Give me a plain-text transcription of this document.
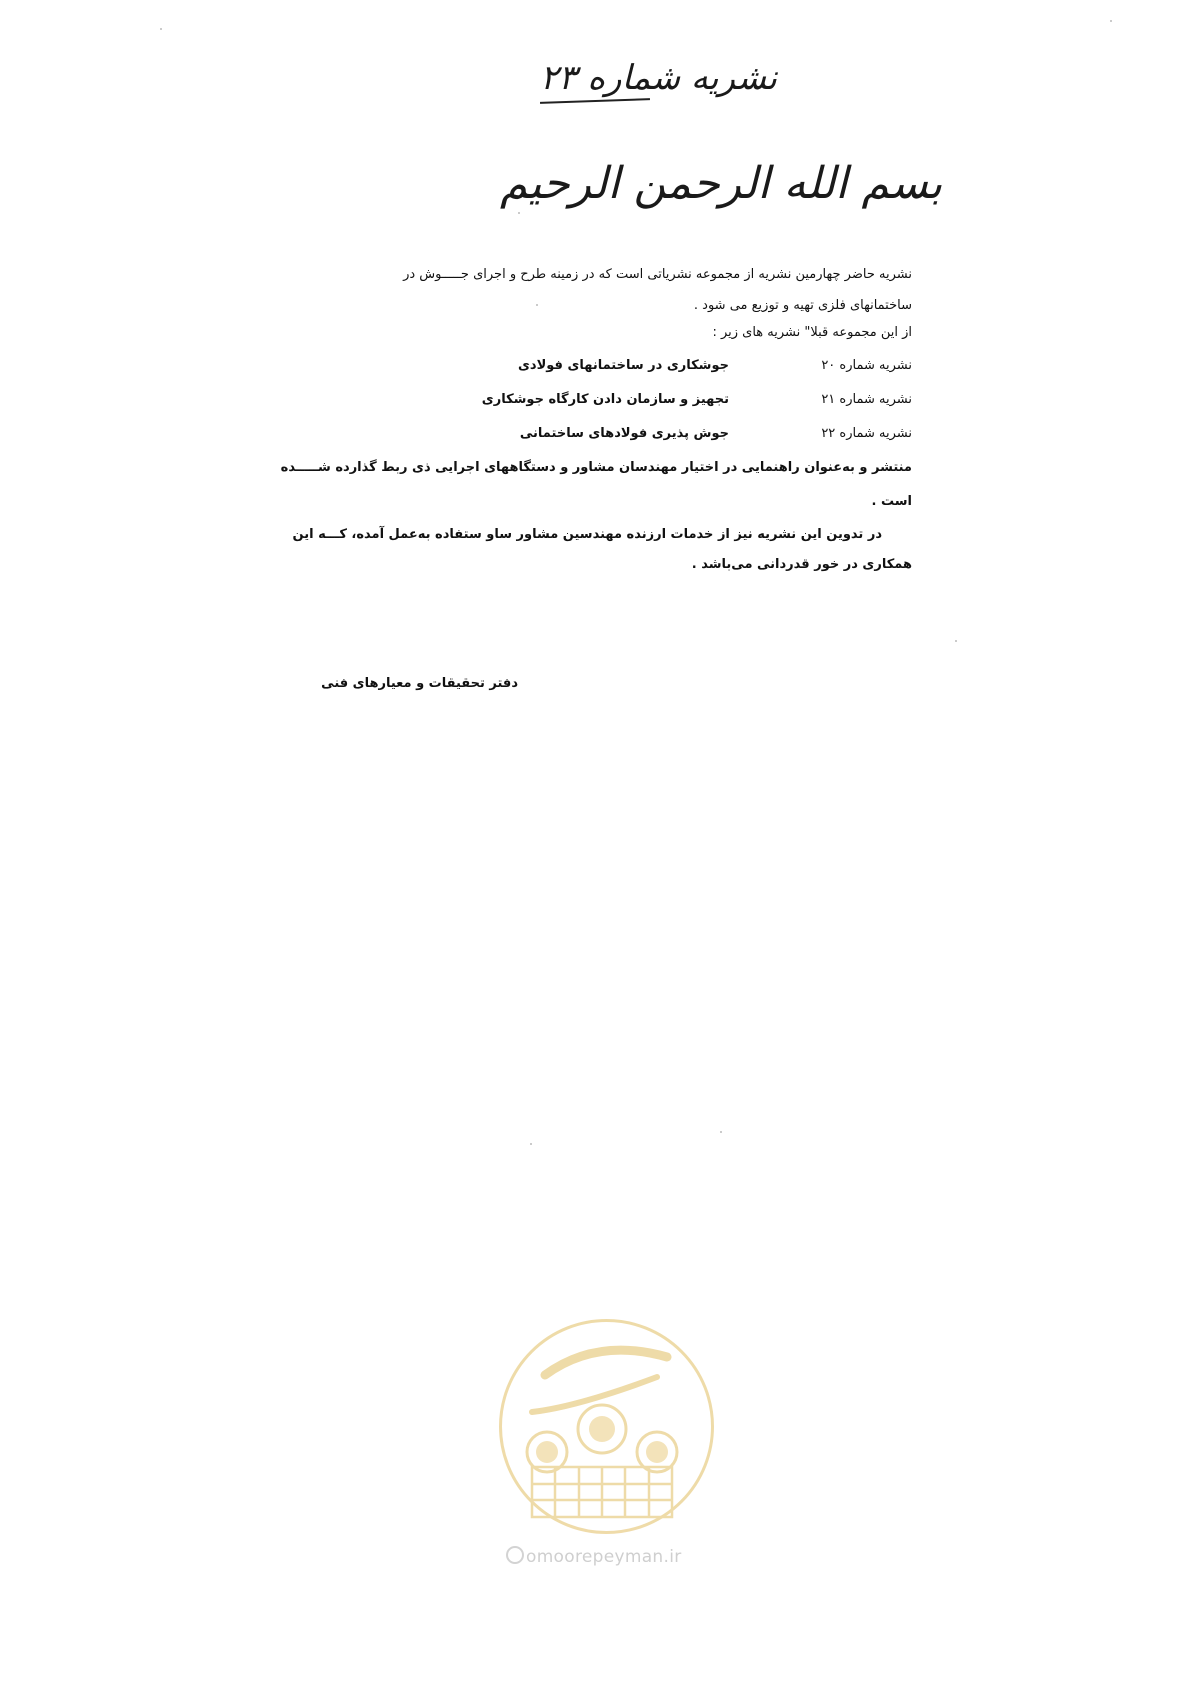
نشریه شماره ۲۳
بسم الله الرحمن الرحیم
نشریه حاضر چهارمین نشریه از مجموعه نشریاتی است که در زمینه طرح و اجرای جـــــوش در
ساختمانهای فلزی تهیه و توزیع می شود .
از این مجموعه قبلا" نشریه های زیر :
نشریه شماره ۲۰
جوشکاری در ساختمانهای فولادی
نشریه شماره ۲۱
تجهیز و سازمان دادن کارگاه جوشکاری
نشریه شماره ۲۲
جوش پذیری فولادهای ساختمانی
منتشر و به‌عنوان راهنمایی در اختیار مهندسان مشاور و دستگاههای اجرایی ذی ربط گذارده شـــــده
است .
در تدوین این نشریه نیز از خدمات ارزنده مهندسین مشاور ساو ستفاده به‌عمل آمده، کـــه این
همکاری در خور قدردانی می‌باشد .
دفتر تحقیقات و معیارهای فنی
omoorepeyman.ir
